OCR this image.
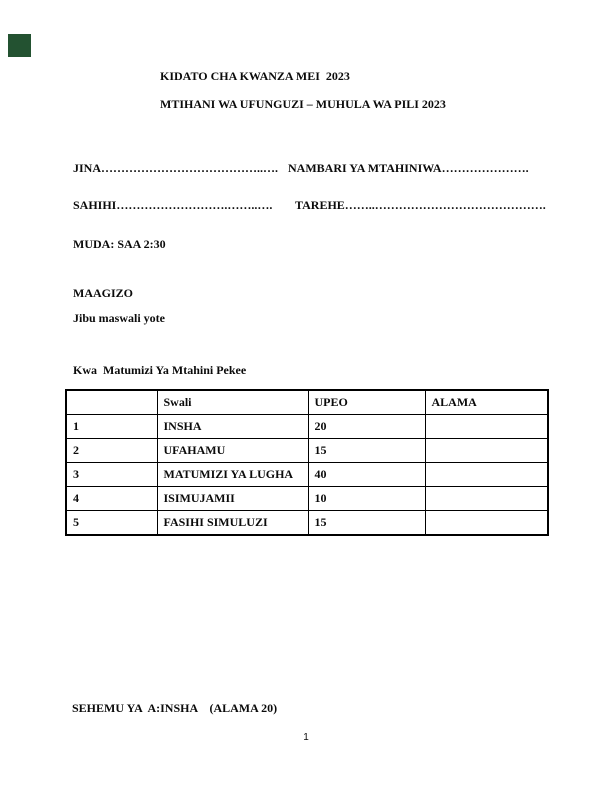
KIDATO CHA KWANZA MEI  2023
MTIHANI WA UFUNGUZI – MUHULA WA PILI 2023
JINA…………………………………..…. NAMBARI YA MTAHINIWA………………….
SAHIHI……………………….……..…. TAREHE……..…………………………………….
MUDA: SAA 2:30
MAAGIZO
Jibu maswali yote
Kwa  Matumizi Ya Mtahini Pekee
	Swali	UPEO	ALAMA
1	INSHA	20	
2	UFAHAMU	15	
3	MATUMIZI YA LUGHA	40	
4	ISIMUJAMII	10	
5	FASIHI SIMULUZI	15	
SEHEMU YA  A:INSHA    (ALAMA 20)
1
